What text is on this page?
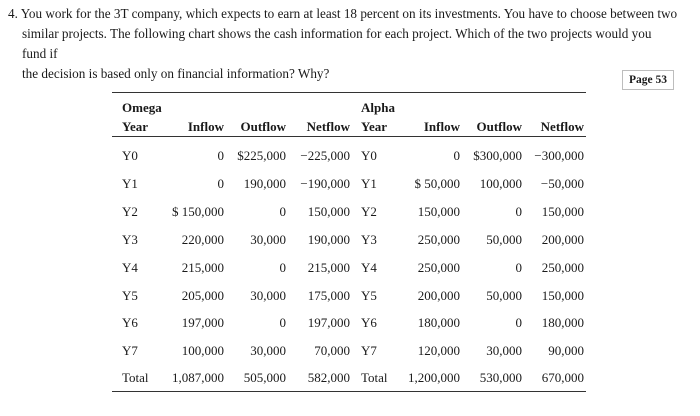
4. You work for the 3T company, which expects to earn at least 18 percent on its investments. You have to choose between two
similar projects. The following chart shows the cash information for each project. Which of the two projects would you fund if
the decision is based only on financial information? Why?	Page 53
Omega	Alpha
Year	Inflow Outflow Netflow Year	Inflow Outflow Netflow
Y0	0 $225,000 −225,000 Y0	0 $300,000 −300,000
Y1	0 190,000 −190,000 Y1	$ 50,000 100,000 −50,000
Y2	$ 150,000	0 150,000 Y2	150,000	0 150,000
Y3	220,000 30,000 190,000 Y3	250,000 50,000 200,000
Y4	215,000	0 215,000 Y4	250,000	0 250,000
Y5	205,000 30,000 175,000 Y5	200,000 50,000 150,000
Y6	197,000	0 197,000 Y6	180,000	0 180,000
Y7	100,000 30,000 70,000 Y7	120,000 30,000 90,000
Total 1,087,000 505,000 582,000 Total 1,200,000 530,000 670,000
